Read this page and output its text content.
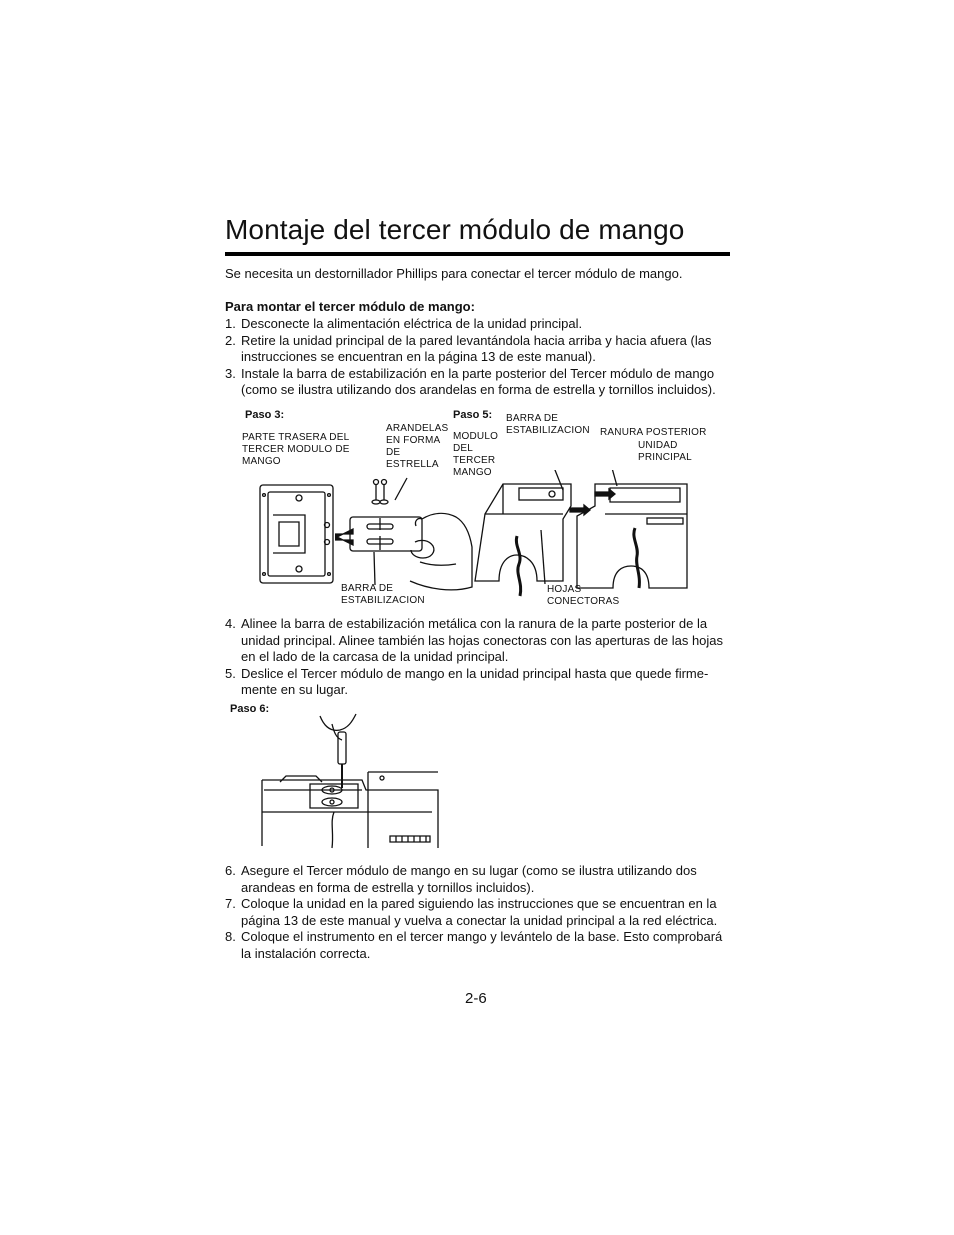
Montaje del tercer módulo de mango

Se necesita un destornillador Phillips para conectar el tercer módulo de mango.

Para montar el tercer módulo de mango:

1. Desconecte la alimentación eléctrica de la unidad principal.
2. Retire la unidad principal de la pared levantándola hacia arriba y hacia afuera (las instrucciones se encuentran en la página 13 de este manual).
3. Instale la barra de estabilización en la parte posterior del Tercer módulo de mango (como se ilustra utilizando dos arandelas en forma de estrella y tornillos incluidos).
Paso 3:
PARTE TRASERA DEL TERCER MODULO DE MANGO
ARANDELAS EN FORMA DE ESTRELLA
BARRA DE ESTABILIZACION
Paso 5:
MODULO DEL TERCER MANGO
BARRA DE ESTABILIZACION	RANURA POSTERIOR
UNIDAD PRINCIPAL
HOJAS CONECTORAS
4. Alinee la barra de estabilización metálica con la ranura de la parte posterior de la unidad principal. Alinee también las hojas conectoras con las aperturas de las hojas en el lado de la carcasa de la unidad principal.
5. Deslice el Tercer módulo de mango en la unidad principal hasta que quede firme-mente en su lugar.
Paso 6:
6. Asegure el Tercer módulo de mango en su lugar (como se ilustra utilizando dos arandeas en forma de estrella y tornillos incluidos).
7. Coloque la unidad en la pared siguiendo las instrucciones que se encuentran en la página 13 de este manual y vuelva a conectar la unidad principal a la red eléctrica.
8. Coloque el instrumento en el tercer mango y levántelo de la base. Esto comprobará la instalación correcta.
2-6
